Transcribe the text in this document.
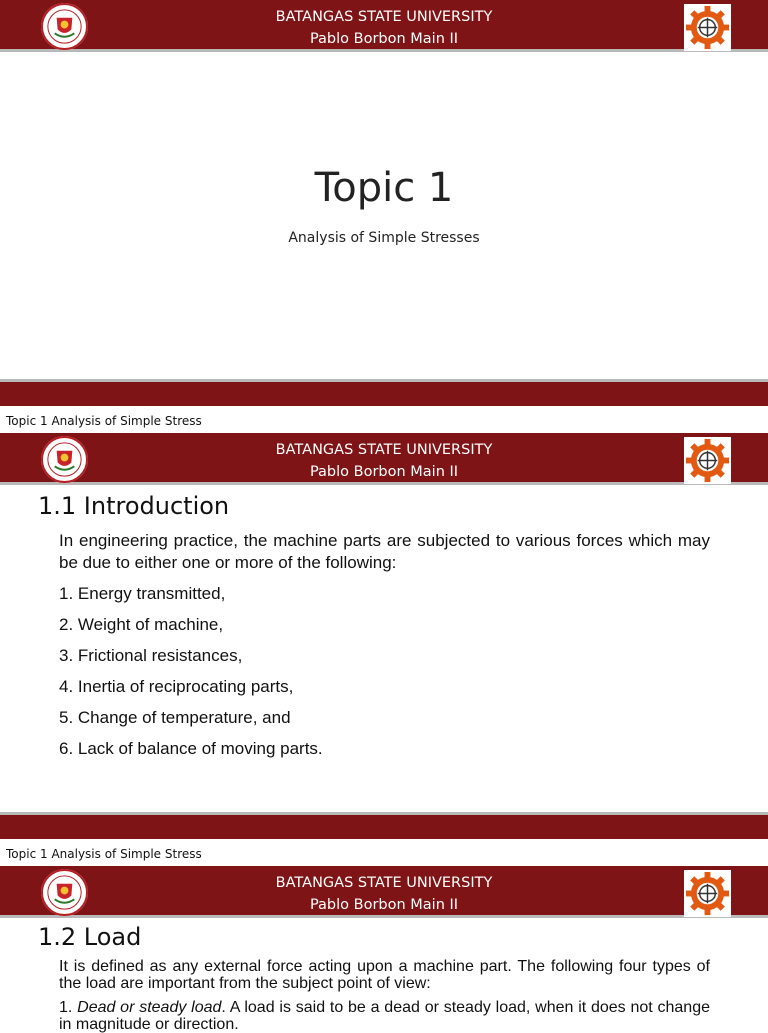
BATANGAS STATE UNIVERSITY
Pablo Borbon Main II
Topic 1
Analysis of Simple Stresses
Topic 1 Analysis of Simple Stress
BATANGAS STATE UNIVERSITY
Pablo Borbon Main II
1.1 Introduction
In engineering practice, the machine parts are subjected to various forces which may be due to either one or more of the following:
1. Energy transmitted,
2. Weight of machine,
3. Frictional resistances,
4. Inertia of reciprocating parts,
5. Change of temperature, and
6. Lack of balance of moving parts.
Topic 1 Analysis of Simple Stress
BATANGAS STATE UNIVERSITY
Pablo Borbon Main II
1.2 Load
It is defined as any external force acting upon a machine part. The following four types of the load are important from the subject point of view:
1. Dead or steady load. A load is said to be a dead or steady load, when it does not change in magnitude or direction.
